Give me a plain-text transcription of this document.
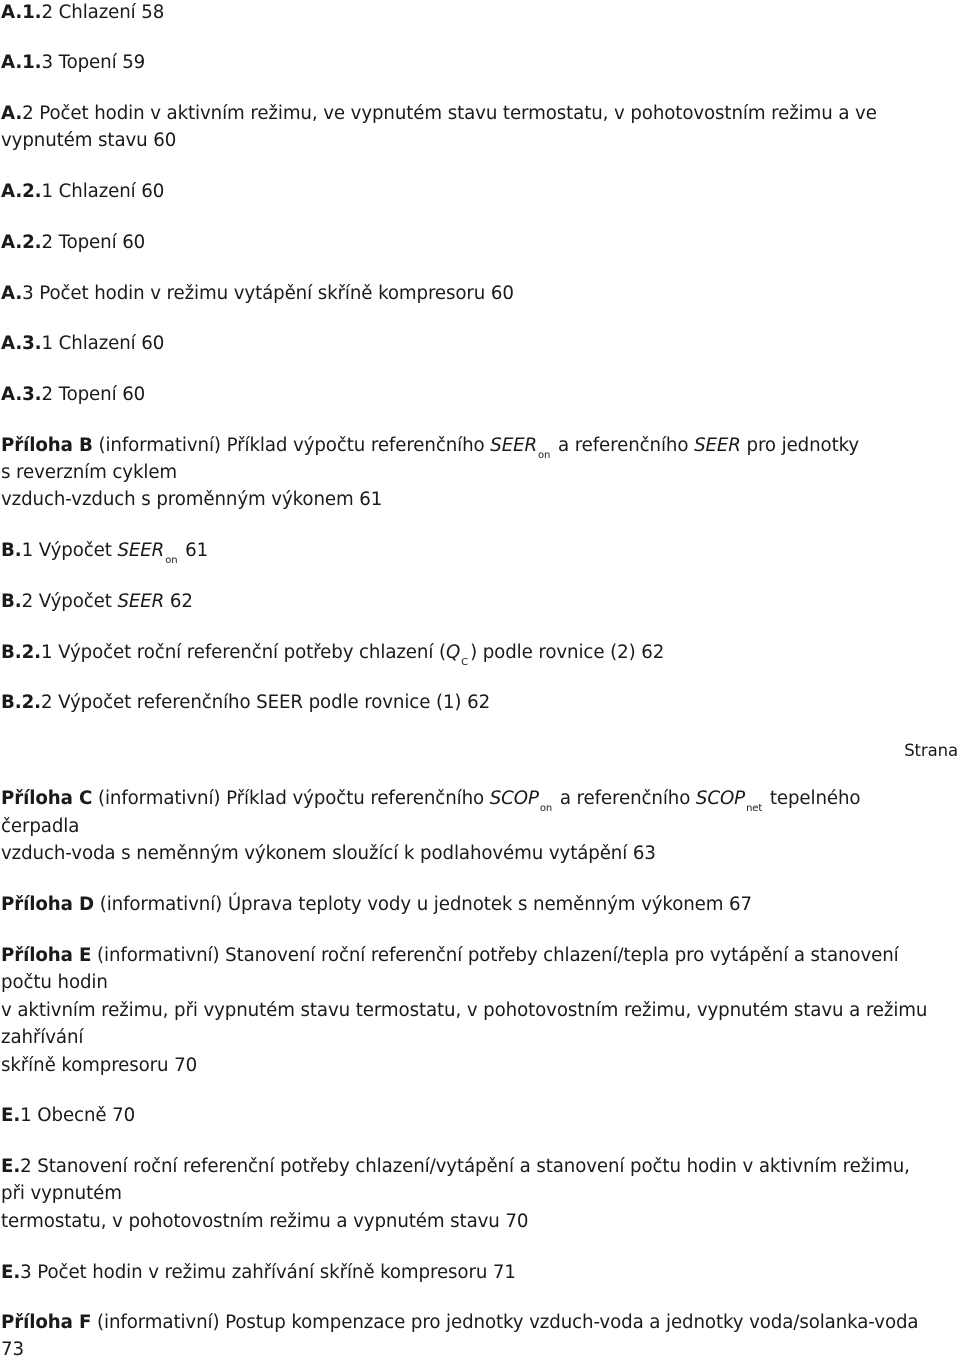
A.1.2 Chlazení 58
A.1.3 Topení 59
A.2 Počet hodin v aktivním režimu, ve vypnutém stavu termostatu, v pohotovostním režimu a ve
vypnutém stavu 60
A.2.1 Chlazení 60
A.2.2 Topení 60
A.3 Počet hodin v režimu vytápění skříně kompresoru 60
A.3.1 Chlazení 60
A.3.2 Topení 60
Příloha B (informativní) Příklad výpočtu referenčního $SEER_{on}$ a referenčního SEER pro jednotky
s reverzním cyklem
vzduch-vzduch s proměnným výkonem 61
B.1 Výpočet $SEER_{on}$ 61
B.2 Výpočet SEER 62
B.2.1 Výpočet roční referenční potřeby chlazení ($Q_C$ ) podle rovnice (2) 62
B.2.2 Výpočet referenčního SEER podle rovnice (1) 62
Strana
Příloha C (informativní) Příklad výpočtu referenčního $SCOP_{on}$ a referenčního $SCOP_{net}$ tepelného
čerpadla
vzduch-voda s neměnným výkonem sloužící k podlahovému vytápění 63
Příloha D (informativní) Úprava teploty vody u jednotek s neměnným výkonem 67
Příloha E (informativní) Stanovení roční referenční potřeby chlazení/tepla pro vytápění a stanovení
počtu hodin
v aktivním režimu, při vypnutém stavu termostatu, v pohotovostním režimu, vypnutém stavu a režimu
zahřívání
skříně kompresoru 70
E.1 Obecně 70
E.2 Stanovení roční referenční potřeby chlazení/vytápění a stanovení počtu hodin v aktivním režimu,
při vypnutém
termostatu, v pohotovostním režimu a vypnutém stavu 70
E.3 Počet hodin v režimu zahřívání skříně kompresoru 71
Příloha F (informativní) Postup kompenzace pro jednotky vzduch-voda a jednotky voda/solanka-voda
73
